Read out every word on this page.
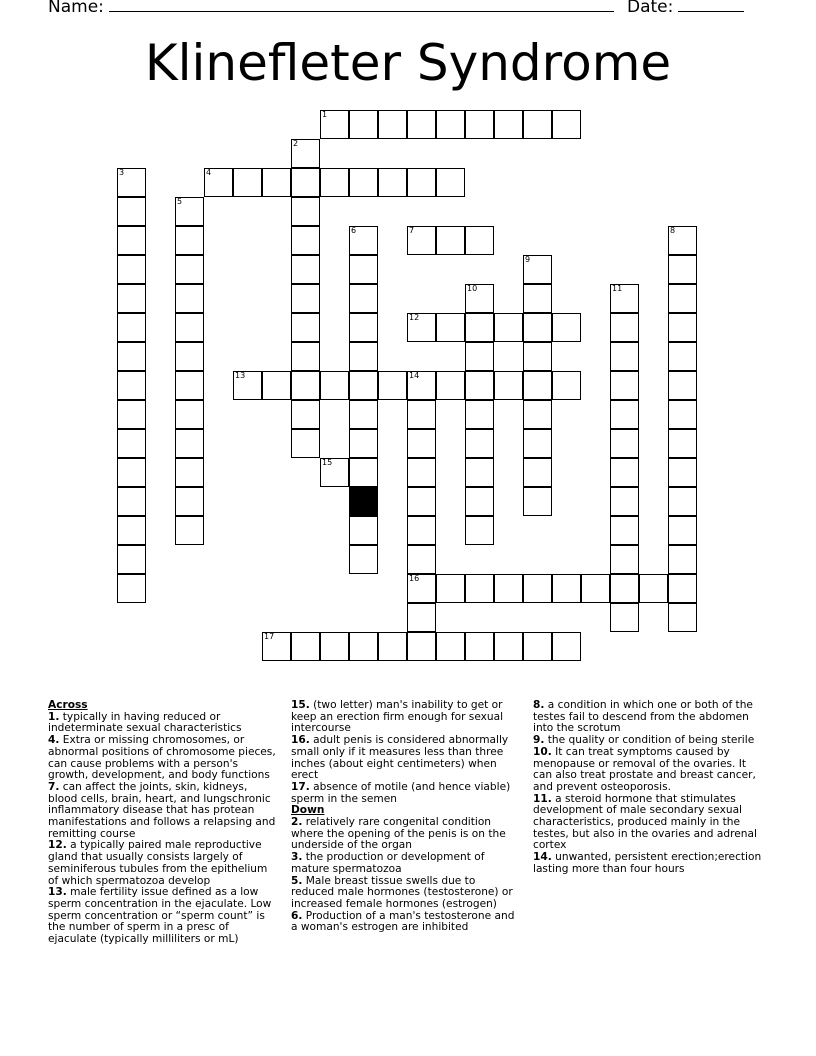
Name:	Date:
Klinefleter Syndrome
1
2
3	4
5
6	7	8
9
10	11
12
13	14
16
15
17

Across

1. typically in having reduced or indeterminate sexual characteristics

4. Extra or missing chromosomes, or abnormal positions of chromosome pieces, can cause problems with a person's growth, development, and body functions

7. can affect the joints, skin, kidneys, blood cells, brain, heart, and lungschronic inflammatory disease that has protean manifestations and follows a relapsing and remitting course

12. a typically paired male reproductive gland that usually consists largely of seminiferous tubules from the epithelium of which spermatozoa develop

13. male fertility issue defined as a low sperm concentration in the ejaculate. Low sperm concentration or “sperm count” is the number of sperm in a presc of ejaculate (typically milliliters or mL)

15. (two letter) man's inability to get or keep an erection firm enough for sexual intercourse

16. adult penis is considered abnormally small only if it measures less than three inches (about eight centimeters) when erect

17. absence of motile (and hence viable) sperm in the semen

Down

2. relatively rare congenital condition where the opening of the penis is on the underside of the organ

3. the production or development of mature spermatozoa

5. Male breast tissue swells due to reduced male hormones (testosterone) or increased female hormones (estrogen)

6. Production of a man's testosterone and a woman's estrogen are inhibited

8. a condition in which one or both of the testes fail to descend from the abdomen into the scrotum

9. the quality or condition of being sterile

10. It can treat symptoms caused by menopause or removal of the ovaries. It can also treat prostate and breast cancer, and prevent osteoporosis.

11. a steroid hormone that stimulates development of male secondary sexual characteristics, produced mainly in the testes, but also in the ovaries and adrenal cortex

14. unwanted, persistent erection;erection lasting more than four hours
